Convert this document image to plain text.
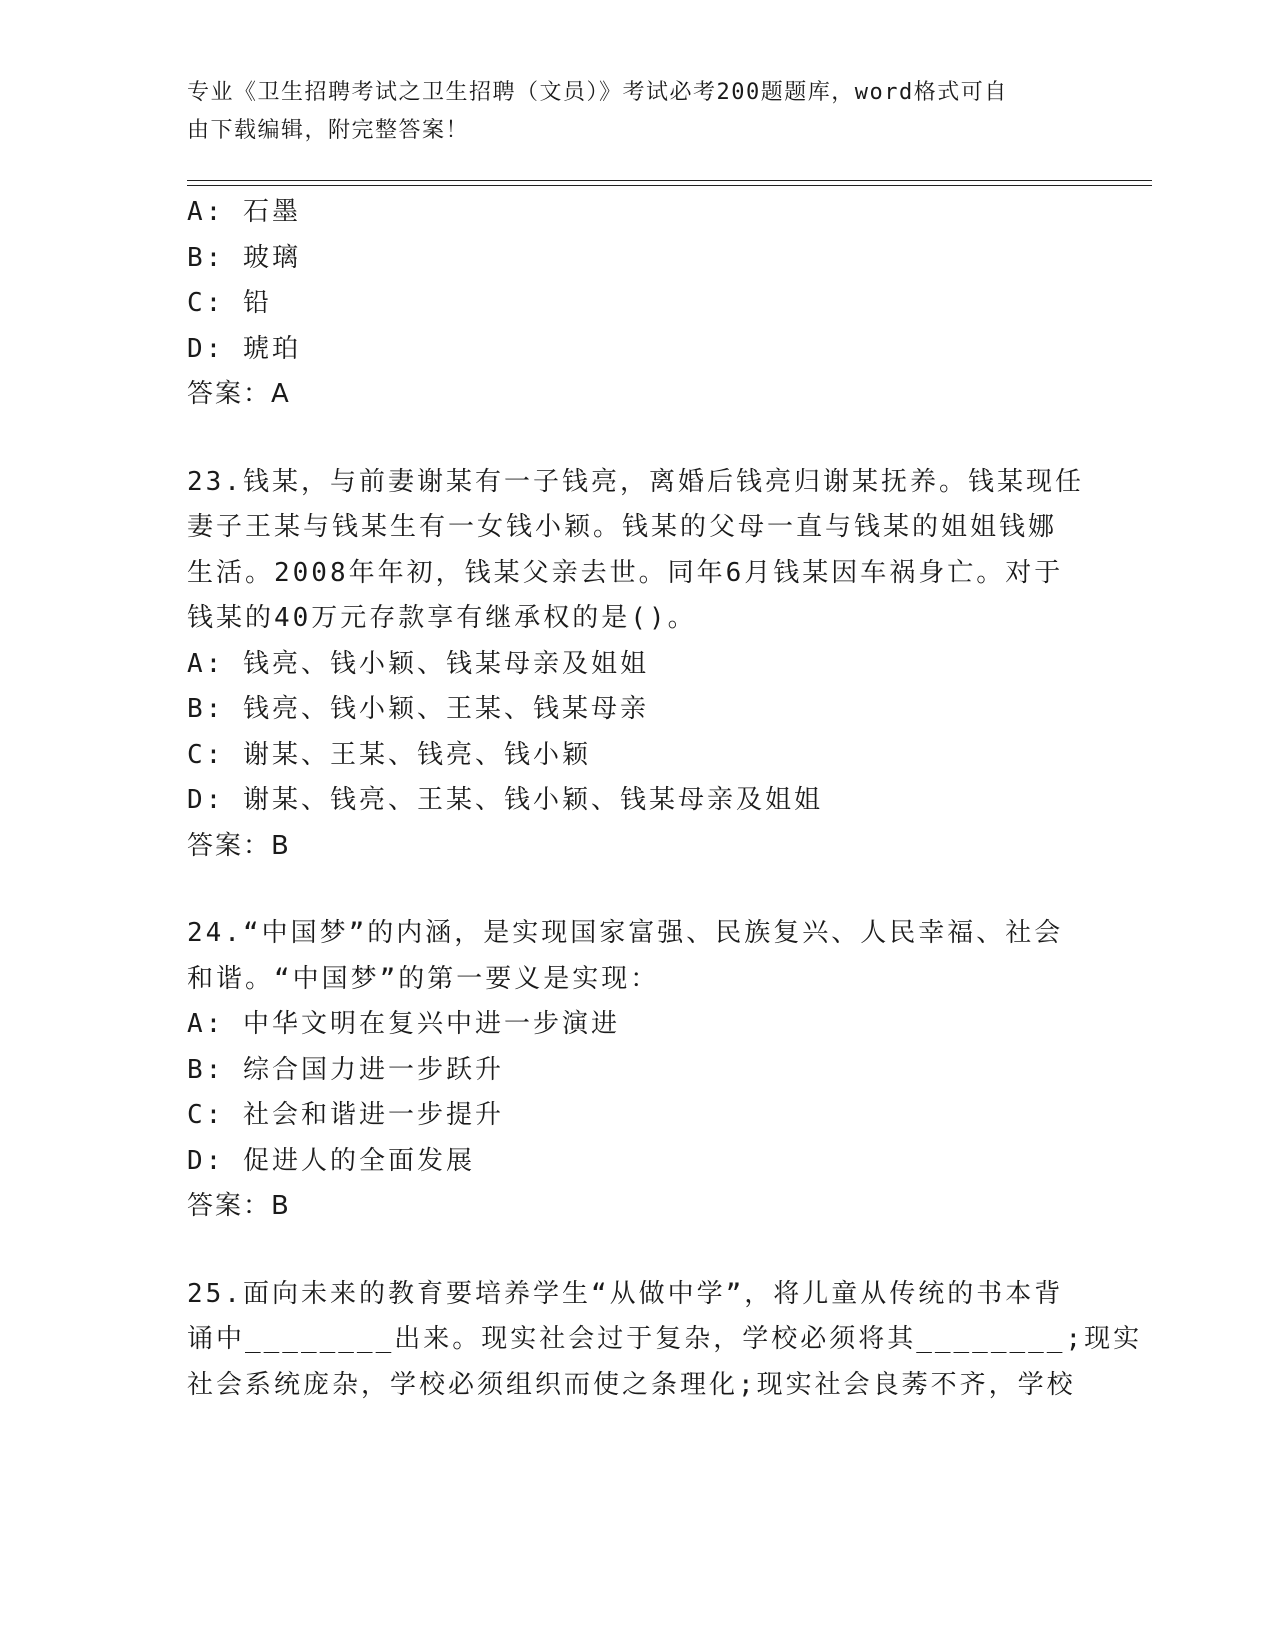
专业《卫生招聘考试之卫生招聘（文员）》考试必考200题题库，word格式可自
由下载编辑，附完整答案！
A: 石墨
B: 玻璃
C: 铅
D: 琥珀
答案：A
23.钱某，与前妻谢某有一子钱亮，离婚后钱亮归谢某抚养。钱某现任
妻子王某与钱某生有一女钱小颖。钱某的父母一直与钱某的姐姐钱娜
生活。2008年年初，钱某父亲去世。同年6月钱某因车祸身亡。对于
钱某的40万元存款享有继承权的是()。
A: 钱亮、钱小颖、钱某母亲及姐姐
B: 钱亮、钱小颖、王某、钱某母亲
C: 谢某、王某、钱亮、钱小颖
D: 谢某、钱亮、王某、钱小颖、钱某母亲及姐姐
答案：B
24.“中国梦”的内涵，是实现国家富强、民族复兴、人民幸福、社会
和谐。“中国梦”的第一要义是实现：
A: 中华文明在复兴中进一步演进
B: 综合国力进一步跃升
C: 社会和谐进一步提升
D: 促进人的全面发展
答案：B
25.面向未来的教育要培养学生“从做中学”，将儿童从传统的书本背
诵中________出来。现实社会过于复杂，学校必须将其________;现实
社会系统庞杂，学校必须组织而使之条理化;现实社会良莠不齐，学校
